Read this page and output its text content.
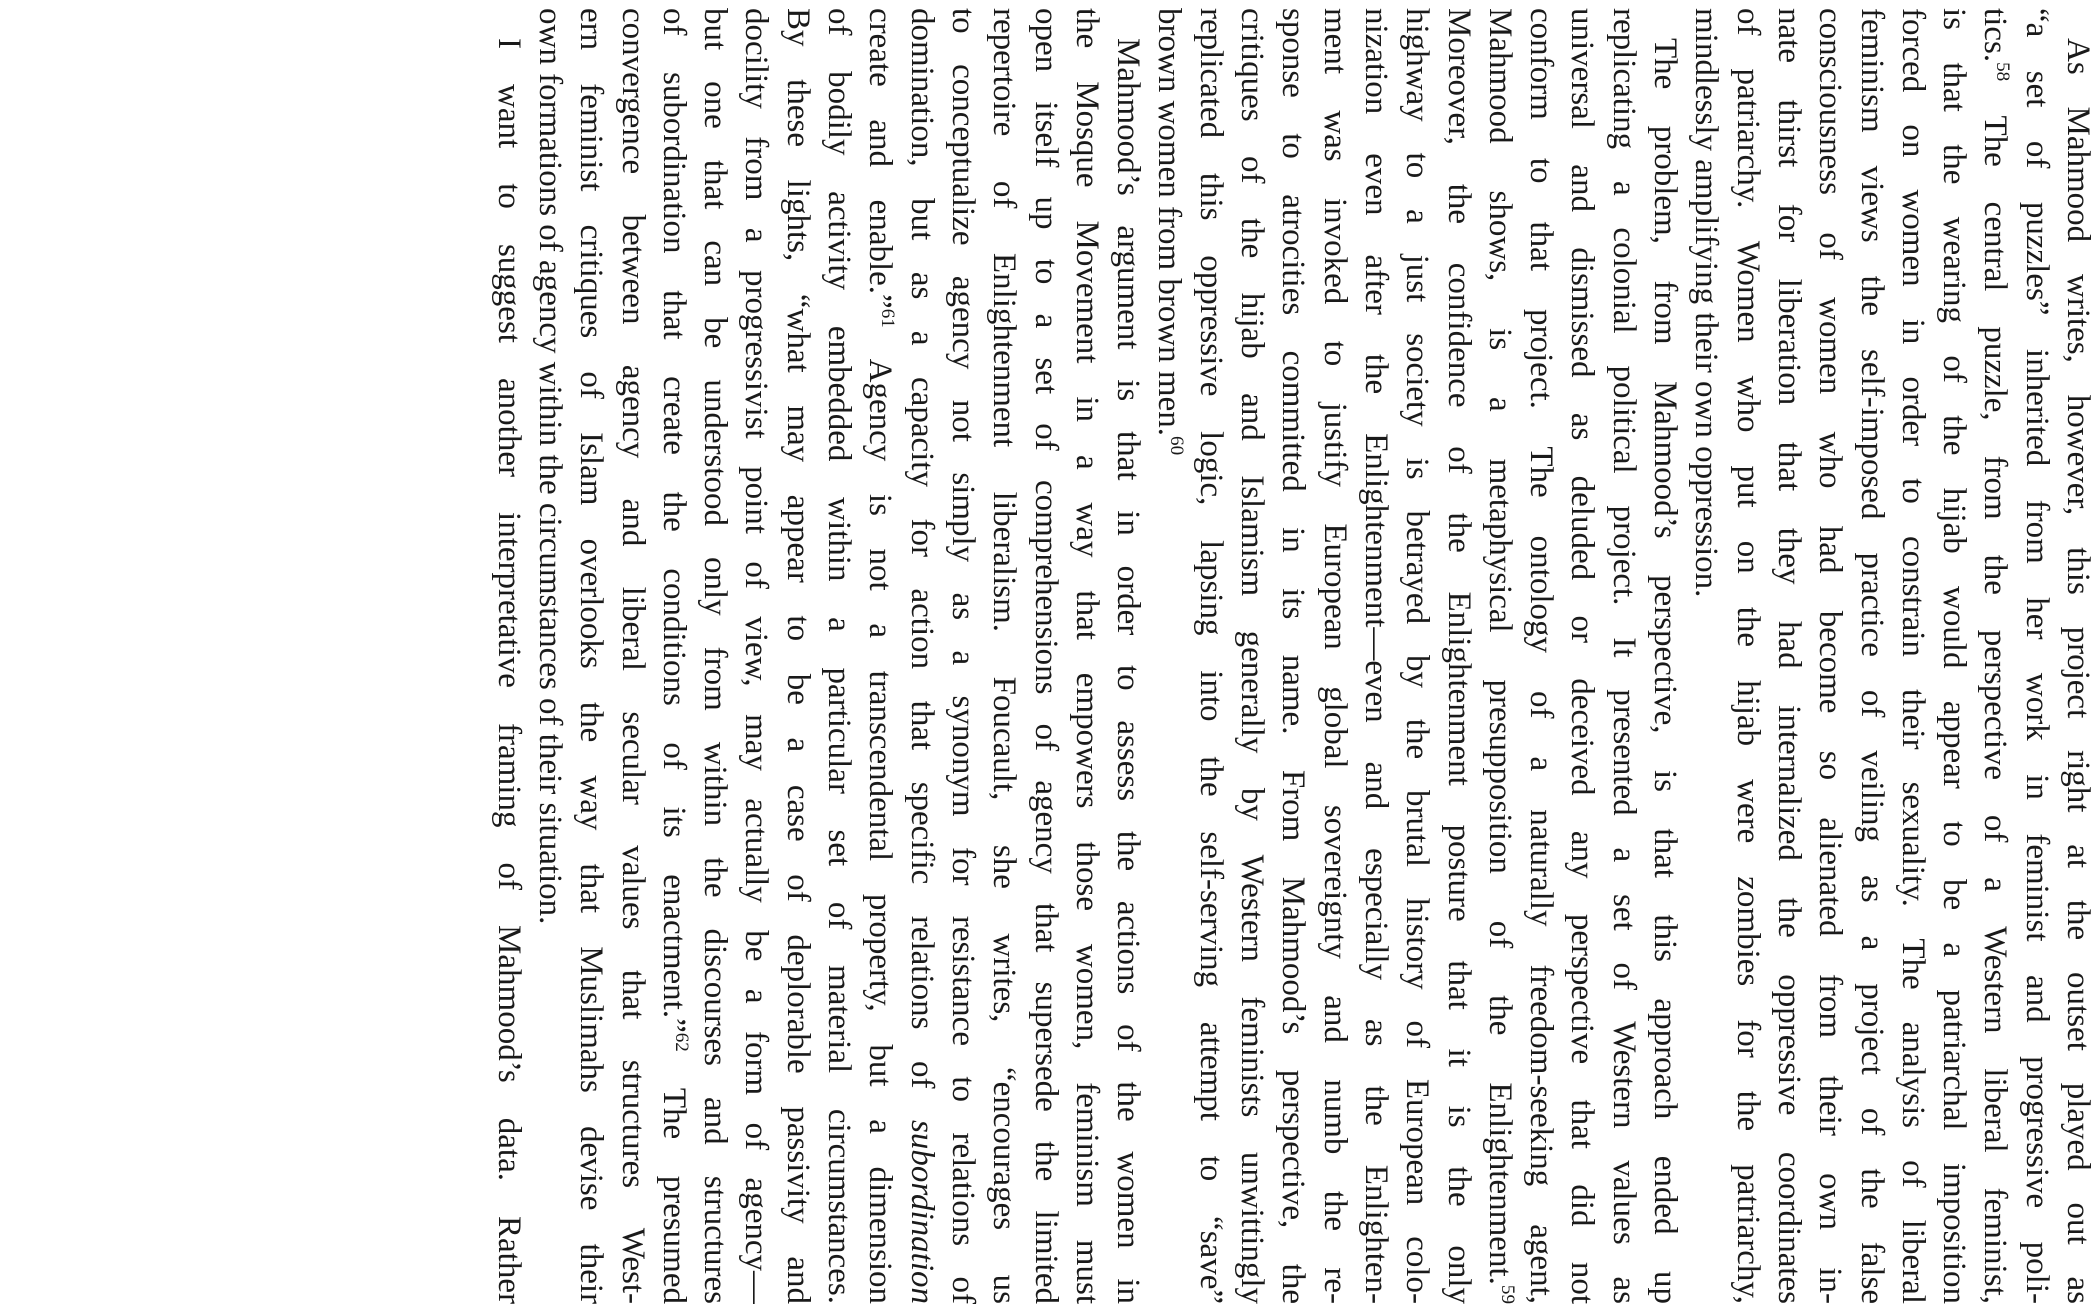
As Mahmood writes, however, this project right at the outset played out as
“a set of puzzles” inherited from her work in feminist and progressive poli-
tics.$^{58}$ The central puzzle, from the perspective of a Western liberal feminist,
is that the wearing of the hijab would appear to be a patriarchal imposition
forced on women in order to constrain their sexuality. The analysis of liberal
feminism views the self-imposed practice of veiling as a project of the false
consciousness of women who had become so alienated from their own in-
nate thirst for liberation that they had internalized the oppressive coordinates
of patriarchy. Women who put on the hijab were zombies for the patriarchy,
mindlessly amplifying their own oppression.
The problem, from Mahmood’s perspective, is that this approach ended up
replicating a colonial political project. It presented a set of Western values as
universal and dismissed as deluded or deceived any perspective that did not
conform to that project. The ontology of a naturally freedom-seeking agent,
Mahmood shows, is a metaphysical presupposition of the Enlightenment.$^{59}$
Moreover, the confidence of the Enlightenment posture that it is the only
highway to a just society is betrayed by the brutal history of European colo-
nization even after the Enlightenment—even and especially as the Enlighten-
ment was invoked to justify European global sovereignty and numb the re-
sponse to atrocities committed in its name. From Mahmood’s perspective, the
critiques of the hijab and Islamism generally by Western feminists unwittingly
replicated this oppressive logic, lapsing into the self-serving attempt to “save”
brown women from brown men.$^{60}$
Mahmood’s argument is that in order to assess the actions of the women in
the Mosque Movement in a way that empowers those women, feminism must
open itself up to a set of comprehensions of agency that supersede the limited
repertoire of Enlightenment liberalism. Foucault, she writes, “encourages us
to conceptualize agency not simply as a synonym for resistance to relations of
domination, but as a capacity for action that specific relations of subordination
create and enable.”$^{61}$ Agency is not a transcendental property, but a dimension
of bodily activity embedded within a particular set of material circumstances.
By these lights, “what may appear to be a case of deplorable passivity and
docility from a progressivist point of view, may actually be a form of agency—
but one that can be understood only from within the discourses and structures
of subordination that create the conditions of its enactment.”$^{62}$ The presumed
convergence between agency and liberal secular values that structures West-
ern feminist critiques of Islam overlooks the way that Muslimahs devise their
own formations of agency within the circumstances of their situation.
I want to suggest another interpretative framing of Mahmood’s data. Rather
